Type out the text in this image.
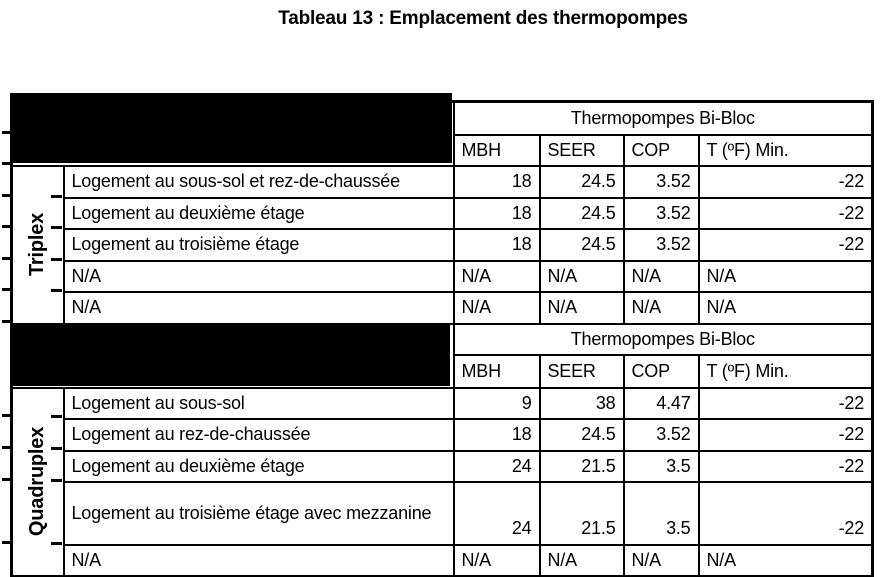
Tableau 13 : Emplacement des thermopompes
		Thermopompes Bi-Bloc			
		MBH	SEER	COP	T (ºF) Min.

Triplex	Logement au sous-sol et rez-de-chaussée	18	24.5	3.52	-22
	Logement au deuxième étage	18	24.5	3.52	-22
	Logement au troisième étage	18	24.5	3.52	-22
	N/A	N/A	N/A	N/A	N/A
	N/A	N/A	N/A	N/A	N/A
		Thermopompes Bi-Bloc			
		MBH	SEER	COP	T (ºF) Min.

Quadruplex	Logement au sous-sol	9	38	4.47	-22
	Logement au rez-de-chaussée	18	24.5	3.52	-22
	Logement au deuxième étage	24	21.5	3.5	-22
	Logement au troisième étage avec mezzanine	24	21.5	3.5	-22
	N/A	N/A	N/A	N/A	N/A
